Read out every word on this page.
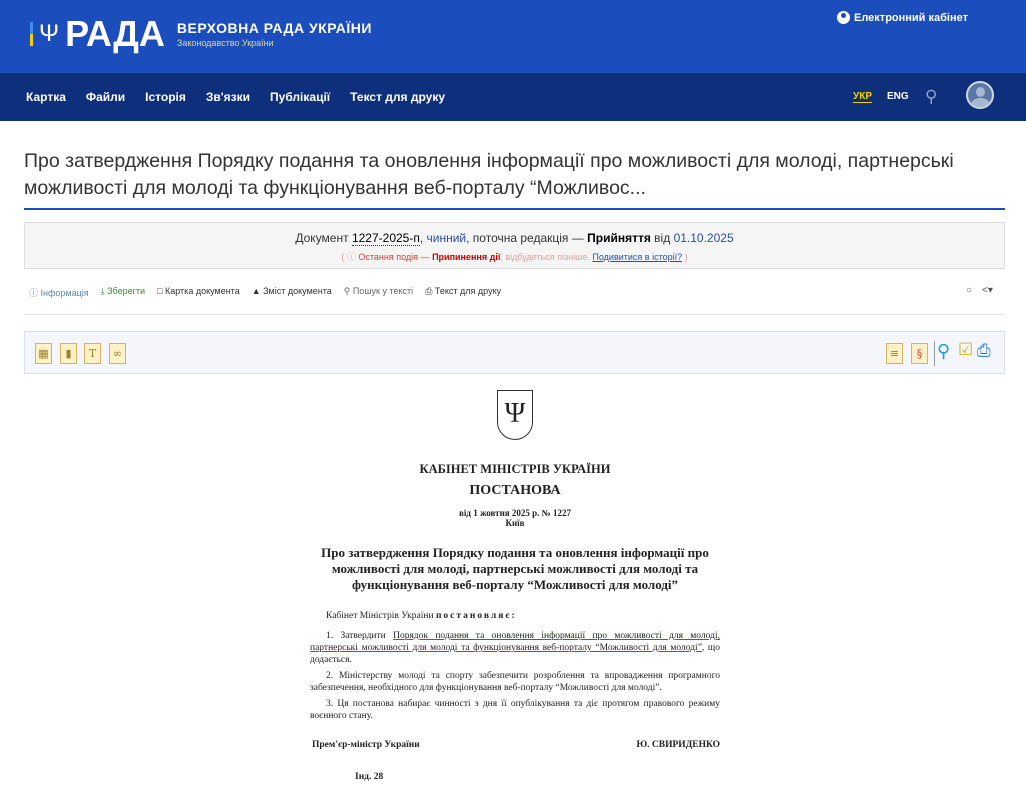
Ψ РАДА ВЕРХОВНА РАДА УКРАЇНИ
Законодавство України
Електронний кабінет
Картка Файли Історія Зв'язки Публікації Текст для друку	УКР ENG ⚲
Про затвердження Порядку подання та оновлення інформації про можливості для молоді, партнерські можливості для молоді та функціонування веб-порталу “Можливос...
Документ 1227-2025-п, чинний, поточна редакція — Прийняття від 01.10.2025
( ⓘ Остання подія — Припинення дії, відбудеться пізніше. Подивитися в історії? )
ⓘ Інформація ⤓ Зберегти □ Картка документа ▲ Зміст документа ⚲ Пошук у тексті ⎙ Текст для друку	○ <▾
▦	▮	T	∞	≡	§ ⚲ ☑ ⎙
Ψ
КАБІНЕТ МІНІСТРІВ УКРАЇНИ
ПОСТАНОВА
від 1 жовтня 2025 р. № 1227
Київ
Про затвердження Порядку подання та оновлення інформації про можливості для молоді, партнерські можливості для молоді та функціонування веб-порталу “Можливості для молоді”
Кабінет Міністрів України постановляє:
1. Затвердити Порядок подання та оновлення інформації про можливості для молоді, партнерські можливості для молоді та функціонування веб-порталу “Можливості для молоді”, що додається.
2. Міністерству молоді та спорту забезпечити розроблення та впровадження програмного забезпечення, необхідного для функціонування веб-порталу “Можливості для молоді”.
3. Ця постанова набирає чинності з дня її опублікування та діє протягом правового режиму воєнного стану.
Прем'єр-міністр України	Ю. СВИРИДЕНКО
Інд. 28
